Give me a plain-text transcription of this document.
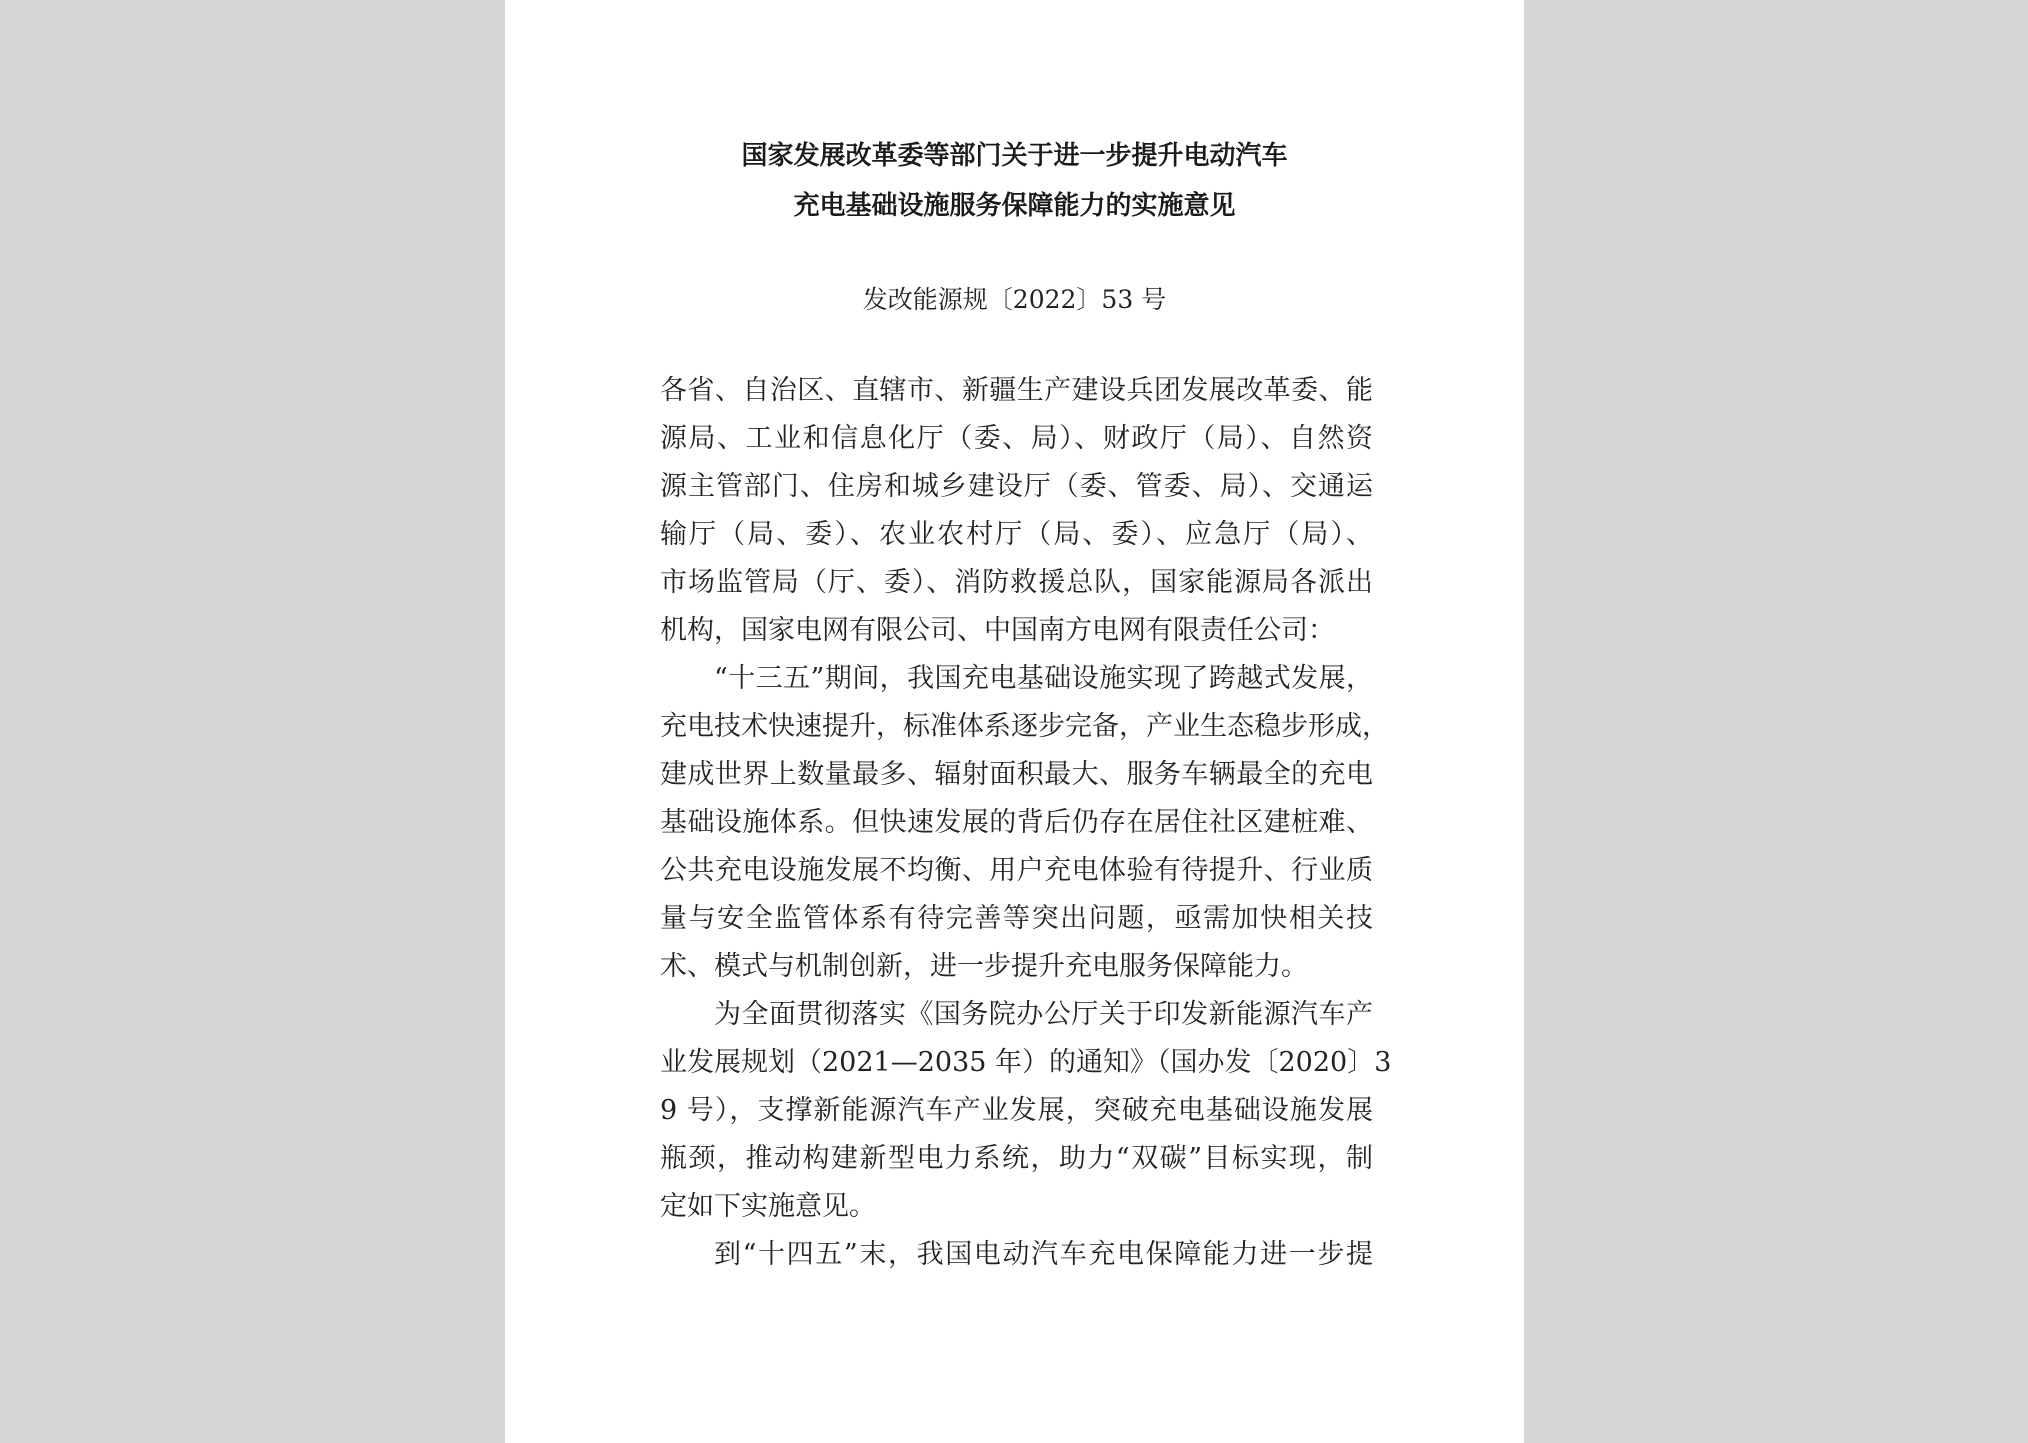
国家发展改革委等部门关于进一步提升电动汽车
充电基础设施服务保障能力的实施意见
发改能源规〔2022〕53 号
各省、自治区、直辖市、新疆生产建设兵团发展改革委、能
源局、工业和信息化厅（委、局）、财政厅（局）、自然资
源主管部门、住房和城乡建设厅（委、管委、局）、交通运
输厅（局、委）、农业农村厅（局、委）、应急厅（局）、
市场监管局（厅、委）、消防救援总队，国家能源局各派出
机构，国家电网有限公司、中国南方电网有限责任公司：
“十三五”期间，我国充电基础设施实现了跨越式发展，
充电技术快速提升，标准体系逐步完备，产业生态稳步形成，
建成世界上数量最多、辐射面积最大、服务车辆最全的充电
基础设施体系。但快速发展的背后仍存在居住社区建桩难、
公共充电设施发展不均衡、用户充电体验有待提升、行业质
量与安全监管体系有待完善等突出问题，亟需加快相关技
术、模式与机制创新，进一步提升充电服务保障能力。
为全面贯彻落实《国务院办公厅关于印发新能源汽车产
业发展规划（2021—2035 年）的通知》（国办发〔2020〕3
9 号），支撑新能源汽车产业发展，突破充电基础设施发展
瓶颈，推动构建新型电力系统，助力“双碳”目标实现，制
定如下实施意见。
到“十四五”末，我国电动汽车充电保障能力进一步提
